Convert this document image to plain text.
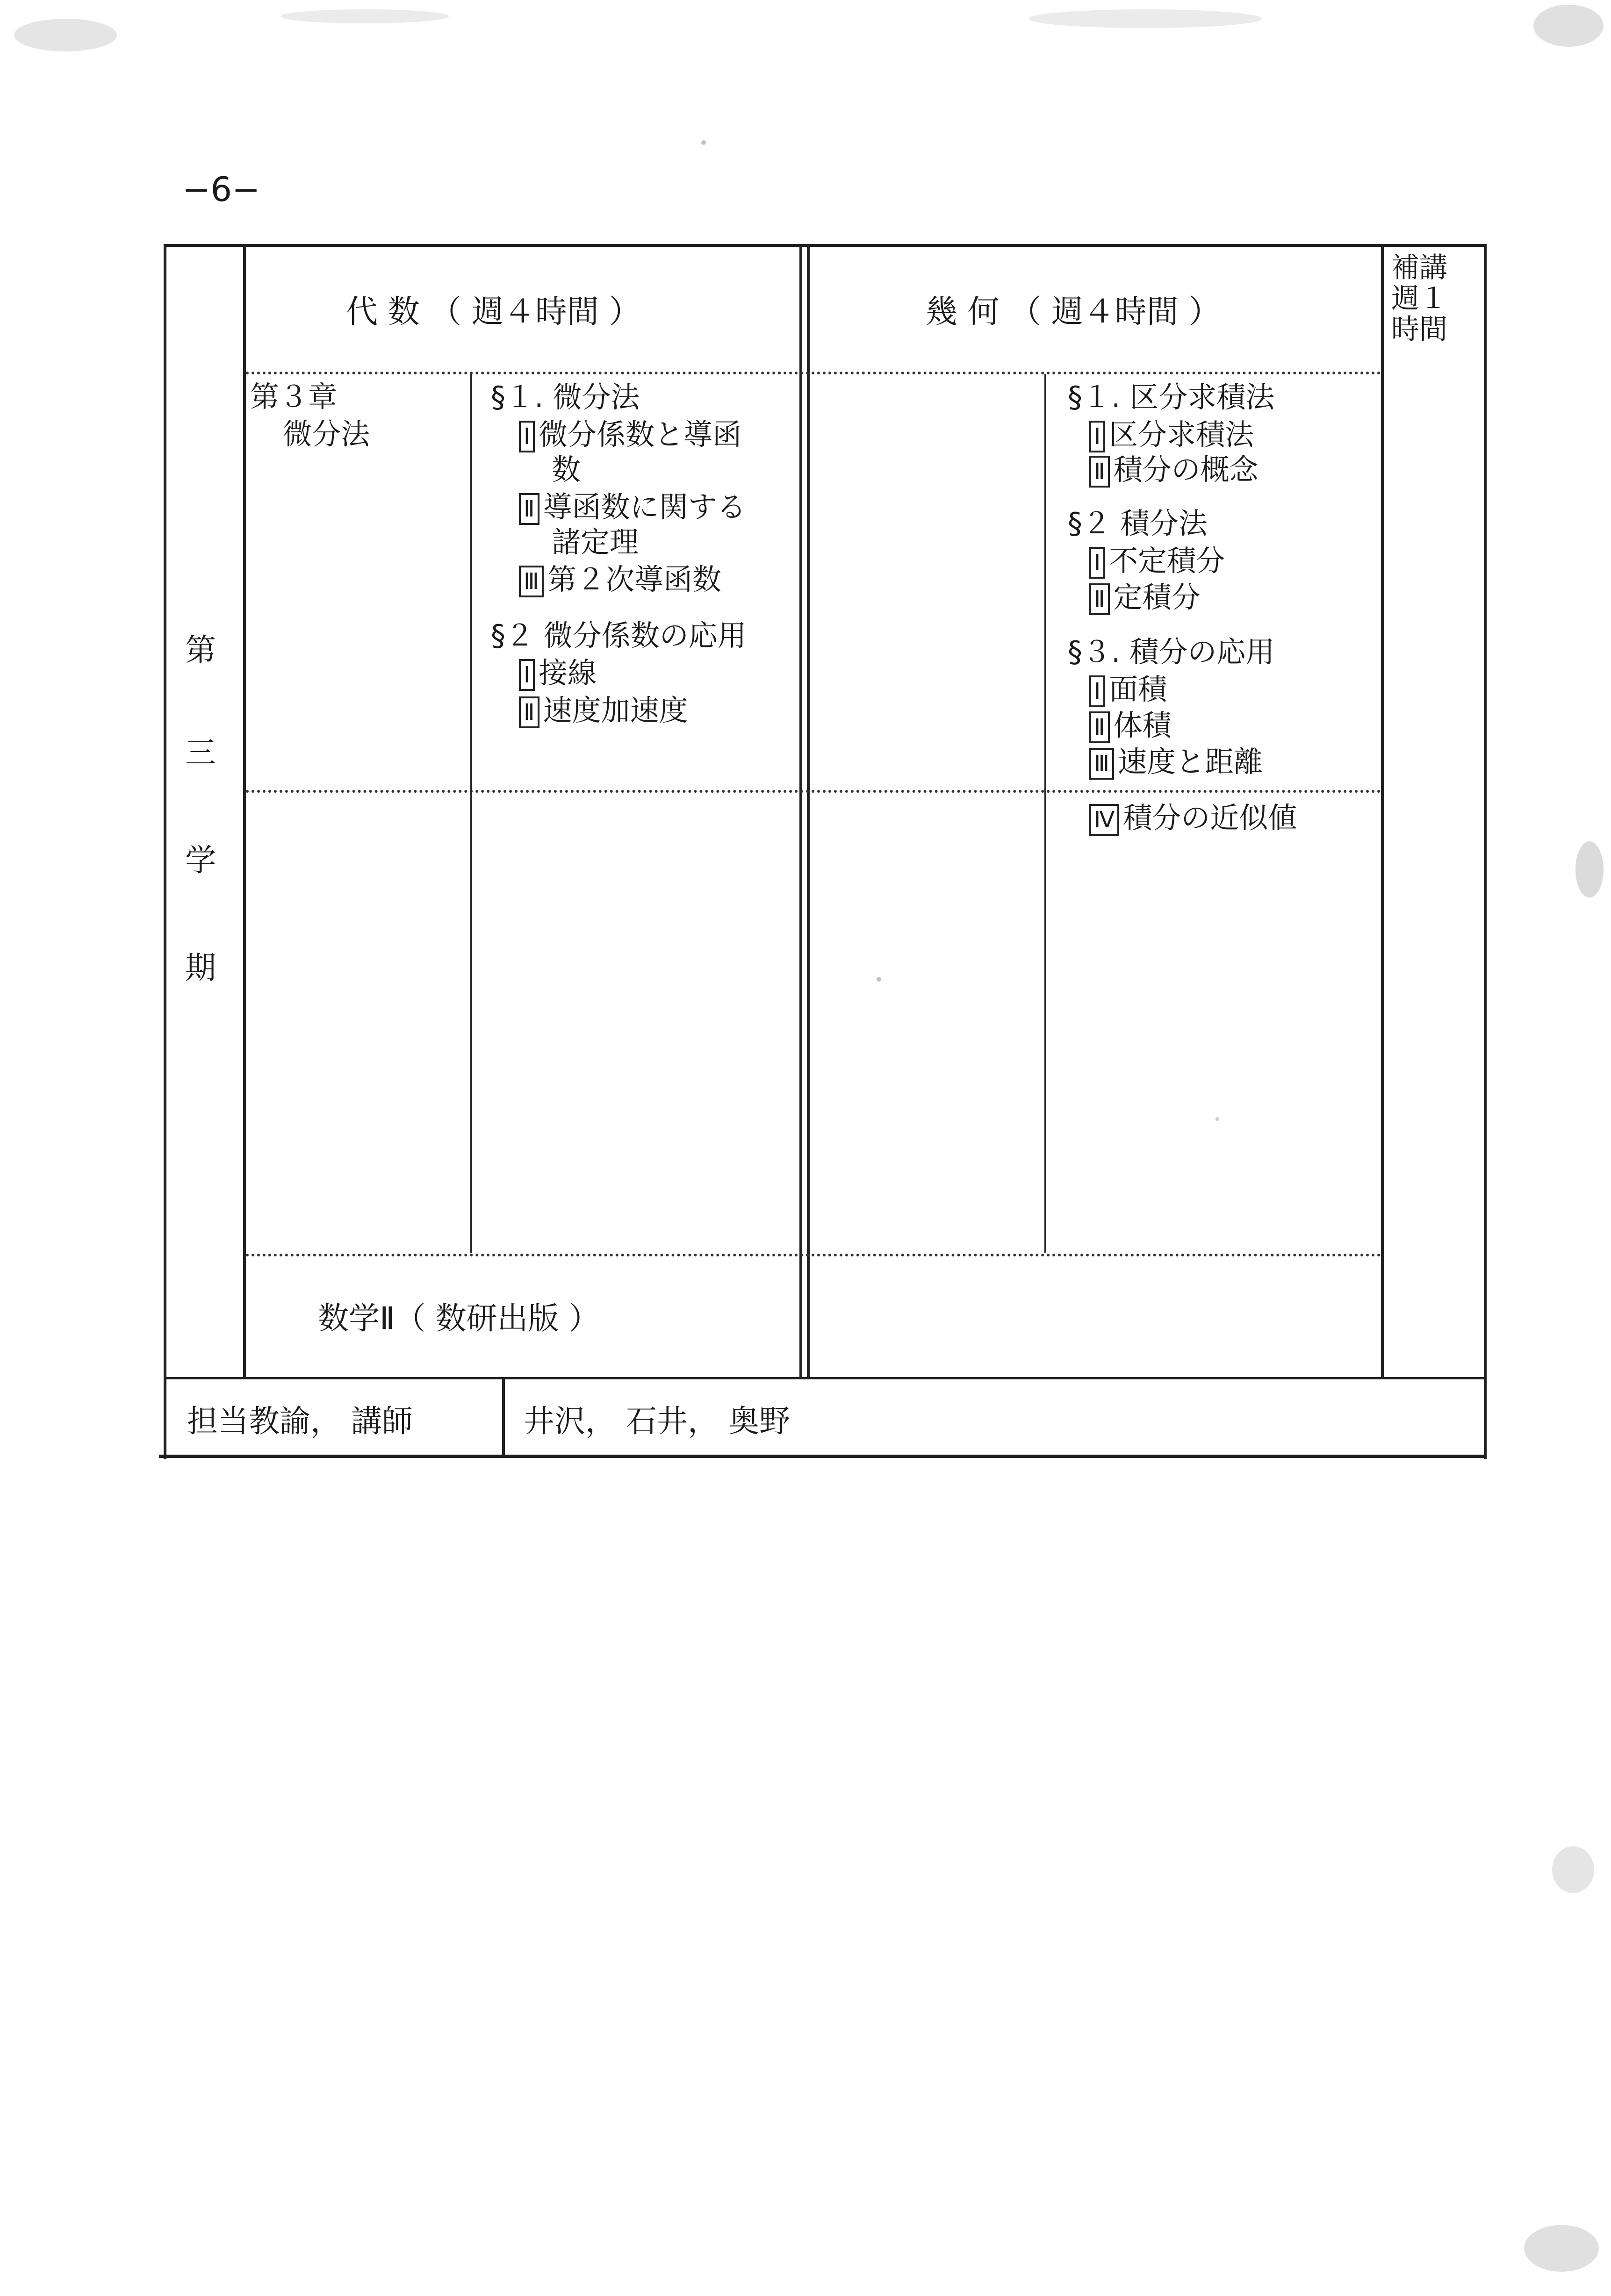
−6−
代 数 （ 週４時間 ）	幾 何 （ 週４時間 ）
補講
週１
時間
第
三
学
期
第３章
微分法
§１. 微分法
Ⅰ 微分係数と導函
数
Ⅱ 導函数に関する
諸定理
Ⅲ 第２次導函数
§２ 微分係数の応用
Ⅰ 接線
Ⅱ 速度加速度
§１. 区分求積法
Ⅰ 区分求積法
Ⅱ 積分の概念
§２ 積分法
Ⅰ 不定積分
Ⅱ 定積分
§３. 積分の応用
Ⅰ 面積
Ⅱ 体積
Ⅲ 速度と距離
Ⅳ 積分の近似値
数学Ⅱ（ 数研出版 ）
担当教諭， 講師	井沢， 石井， 奥野
